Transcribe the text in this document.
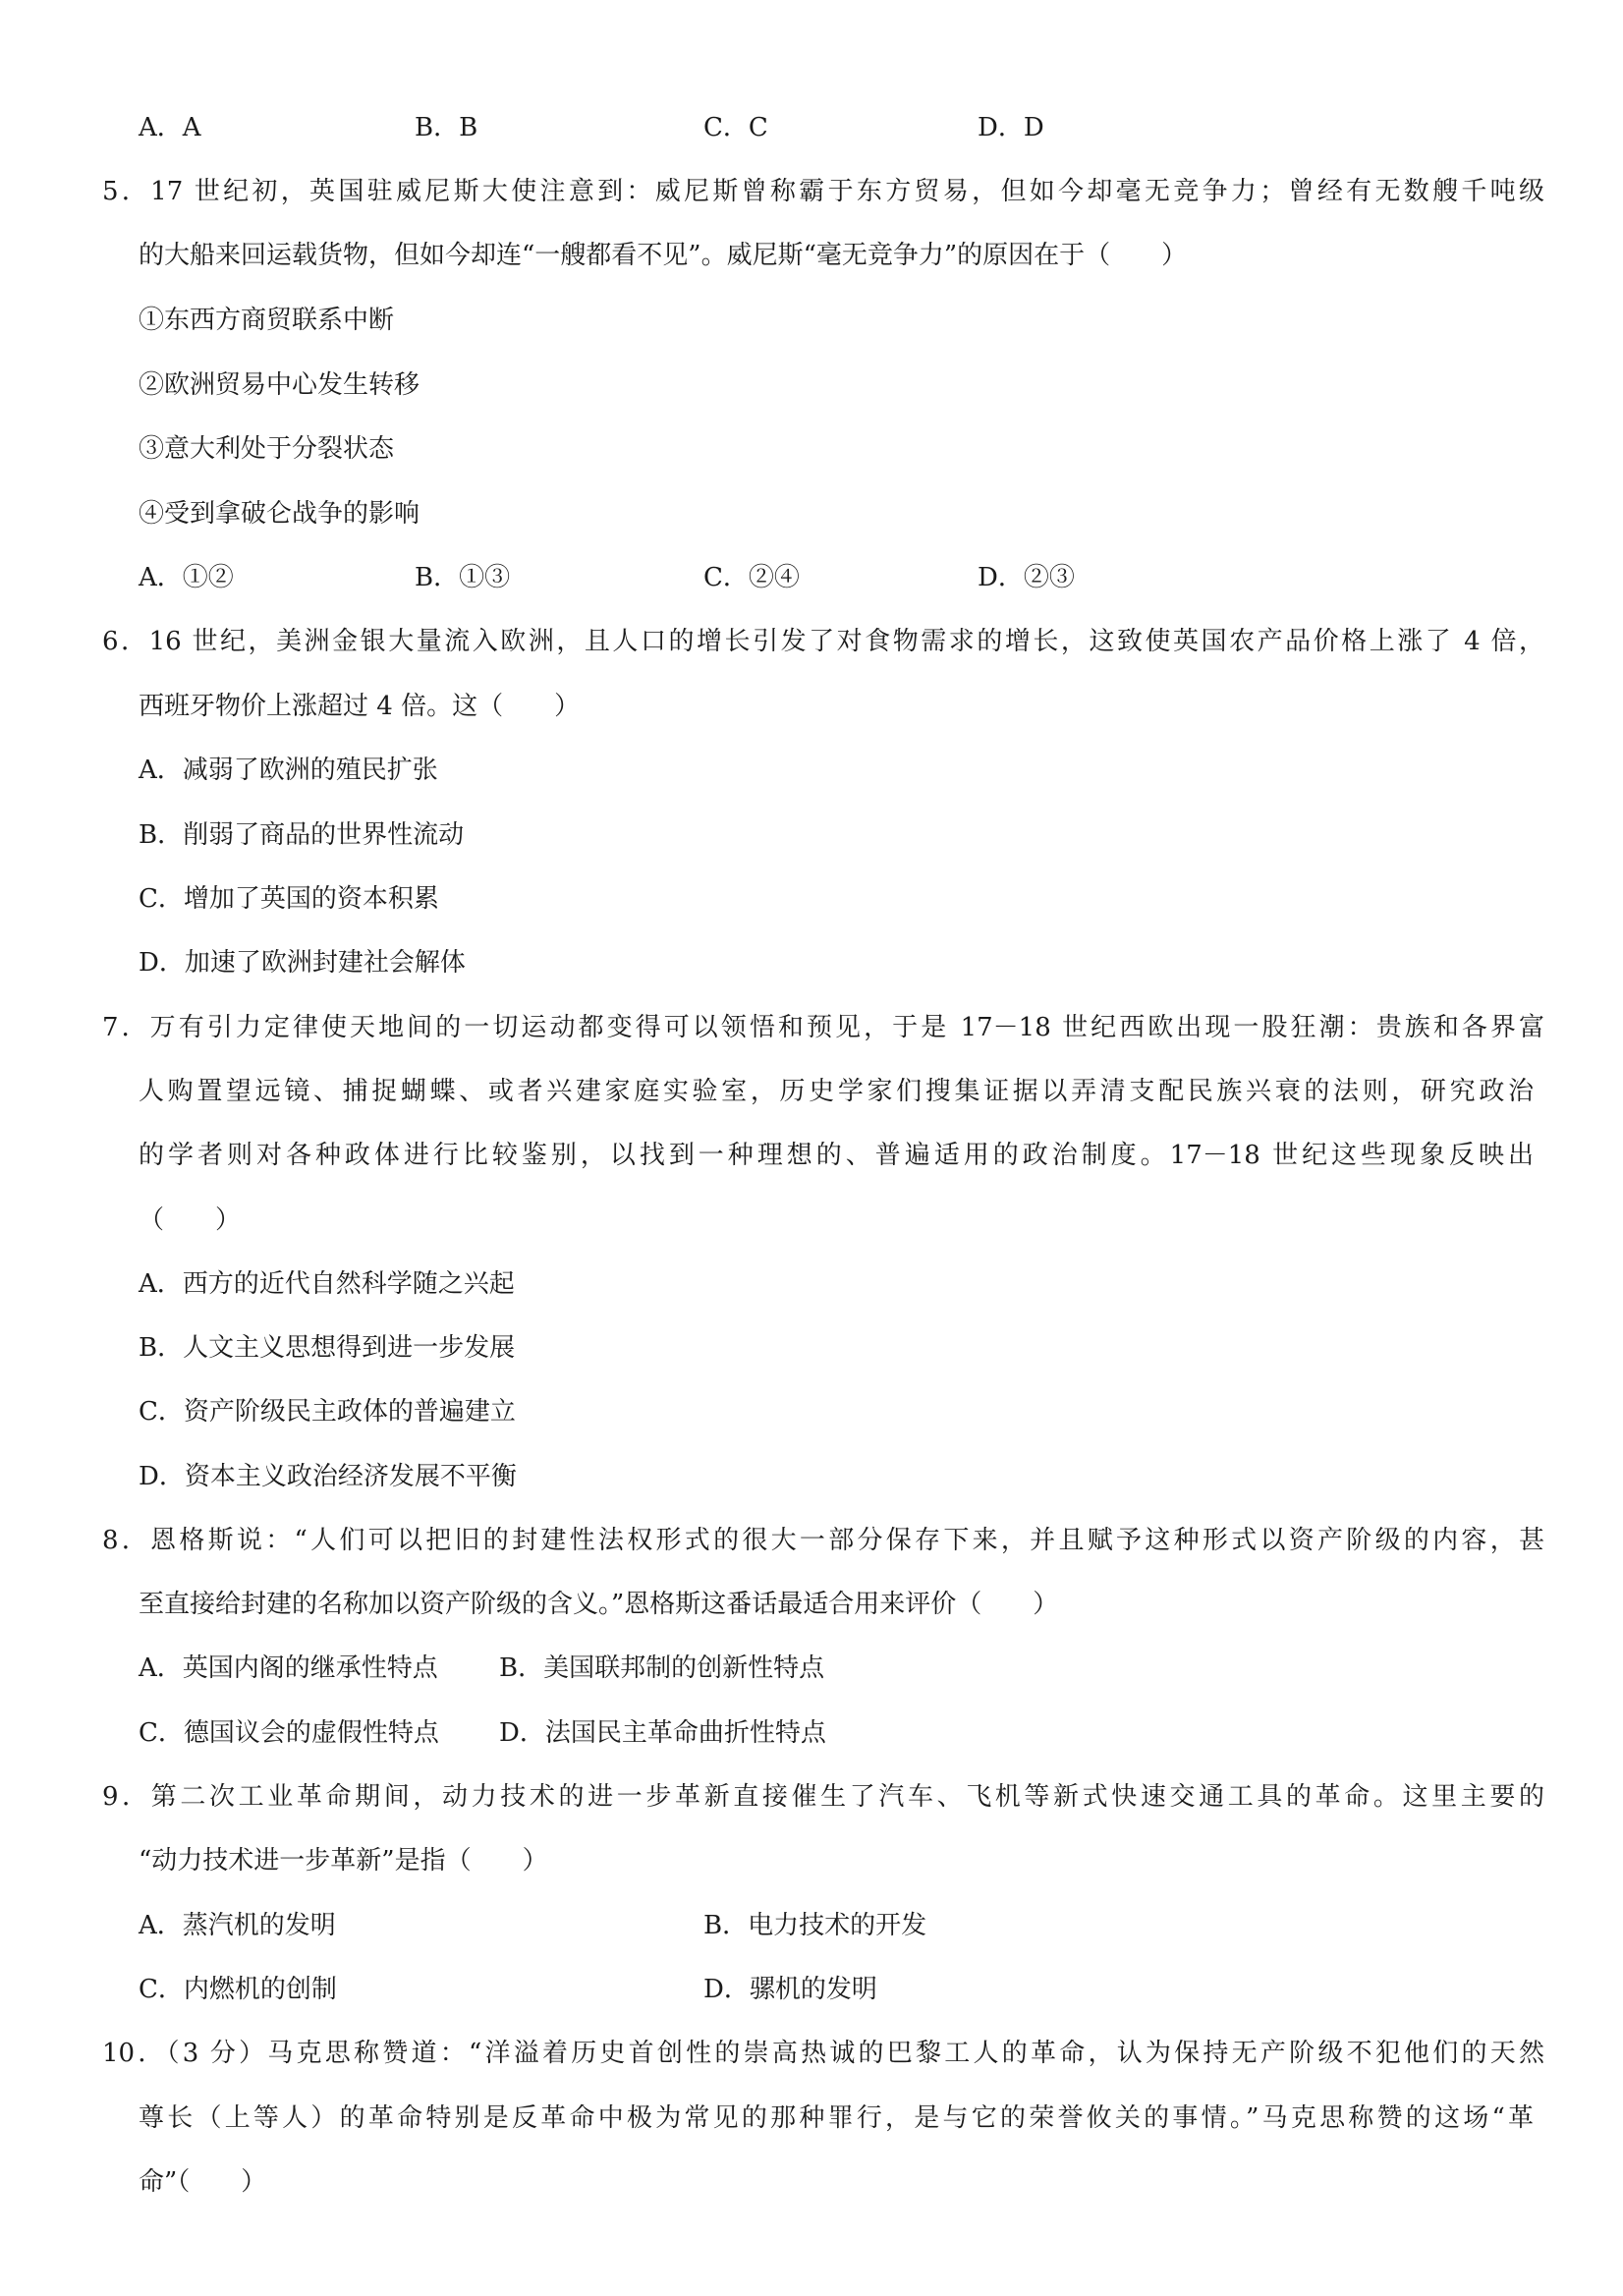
A．A	B．B	C．C	D．D
5．17 世纪初，英国驻威尼斯大使注意到：威尼斯曾称霸于东方贸易，但如今却毫无竞争力；曾经有无数艘千吨级
的大船来回运载货物，但如今却连“一艘都看不见”。威尼斯“毫无竞争力”的原因在于（　　）
①东西方商贸联系中断
②欧洲贸易中心发生转移
③意大利处于分裂状态
④受到拿破仑战争的影响
A．①②	B．①③	C．②④	D．②③
6．16 世纪，美洲金银大量流入欧洲，且人口的增长引发了对食物需求的增长，这致使英国农产品价格上涨了 4 倍，
西班牙物价上涨超过 4 倍。这（　　）
A．减弱了欧洲的殖民扩张
B．削弱了商品的世界性流动
C．增加了英国的资本积累
D．加速了欧洲封建社会解体
7．万有引力定律使天地间的一切运动都变得可以领悟和预见，于是 17－18 世纪西欧出现一股狂潮：贵族和各界富
人购置望远镜、捕捉蝴蝶、或者兴建家庭实验室，历史学家们搜集证据以弄清支配民族兴衰的法则，研究政治
的学者则对各种政体进行比较鉴别，以找到一种理想的、普遍适用的政治制度。17－18 世纪这些现象反映出
（　　）
A．西方的近代自然科学随之兴起
B．人文主义思想得到进一步发展
C．资产阶级民主政体的普遍建立
D．资本主义政治经济发展不平衡
8．恩格斯说：“人们可以把旧的封建性法权形式的很大一部分保存下来，并且赋予这种形式以资产阶级的内容，甚
至直接给封建的名称加以资产阶级的含义。”恩格斯这番话最适合用来评价（　　）
A．英国内阁的继承性特点 B．美国联邦制的创新性特点
C．德国议会的虚假性特点 D．法国民主革命曲折性特点
9．第二次工业革命期间，动力技术的进一步革新直接催生了汽车、飞机等新式快速交通工具的革命。这里主要的
“动力技术进一步革新”是指（　　）
A．蒸汽机的发明	B．电力技术的开发
C．内燃机的创制	D．骡机的发明
10．（3 分）马克思称赞道：“洋溢着历史首创性的崇高热诚的巴黎工人的革命，认为保持无产阶级不犯他们的天然
尊长（上等人）的革命特别是反革命中极为常见的那种罪行，是与它的荣誉攸关的事情。”马克思称赞的这场“革
命”（　　）
